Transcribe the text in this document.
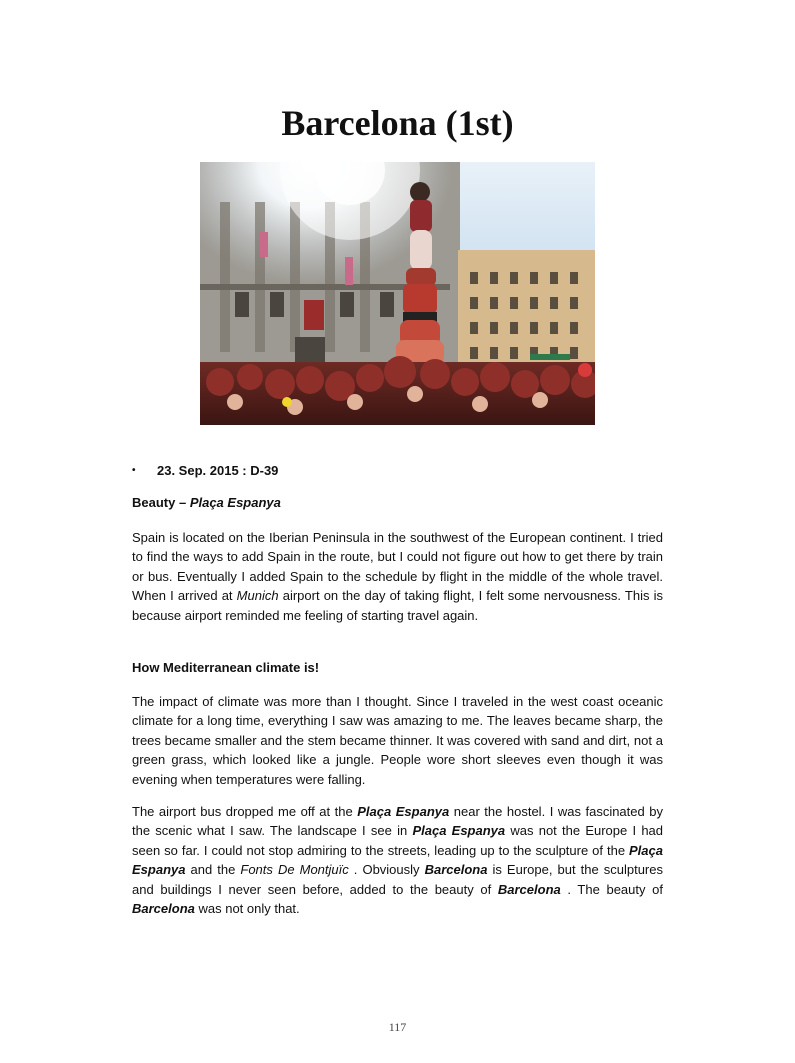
Barcelona (1st)
• 23. Sep. 2015 : D-39
Beauty – Plaça Espanya

Spain is located on the Iberian Peninsula in the southwest of the European continent. I tried to find the ways to add Spain in the route, but I could not figure out how to get there by train or bus. Eventually I added Spain to the schedule by flight in the middle of the whole travel. When I arrived at Munich airport on the day of taking flight, I felt some nervousness. This is because airport reminded me feeling of starting travel again.

How Mediterranean climate is!

The impact of climate was more than I thought. Since I traveled in the west coast oceanic climate for a long time, everything I saw was amazing to me. The leaves became sharp, the trees became smaller and the stem became thinner. It was covered with sand and dirt, not a green grass, which looked like a jungle. People wore short sleeves even though it was evening when temperatures were falling.

The airport bus dropped me off at the Plaça Espanya near the hostel. I was fascinated by the scenic what I saw. The landscape I see in Plaça Espanya was not the Europe I had seen so far. I could not stop admiring to the streets, leading up to the sculpture of the Plaça Espanya and the Fonts De Montjuïc . Obviously Barcelona is Europe, but the sculptures and buildings I never seen before, added to the beauty of Barcelona . The beauty of Barcelona was not only that.

117
